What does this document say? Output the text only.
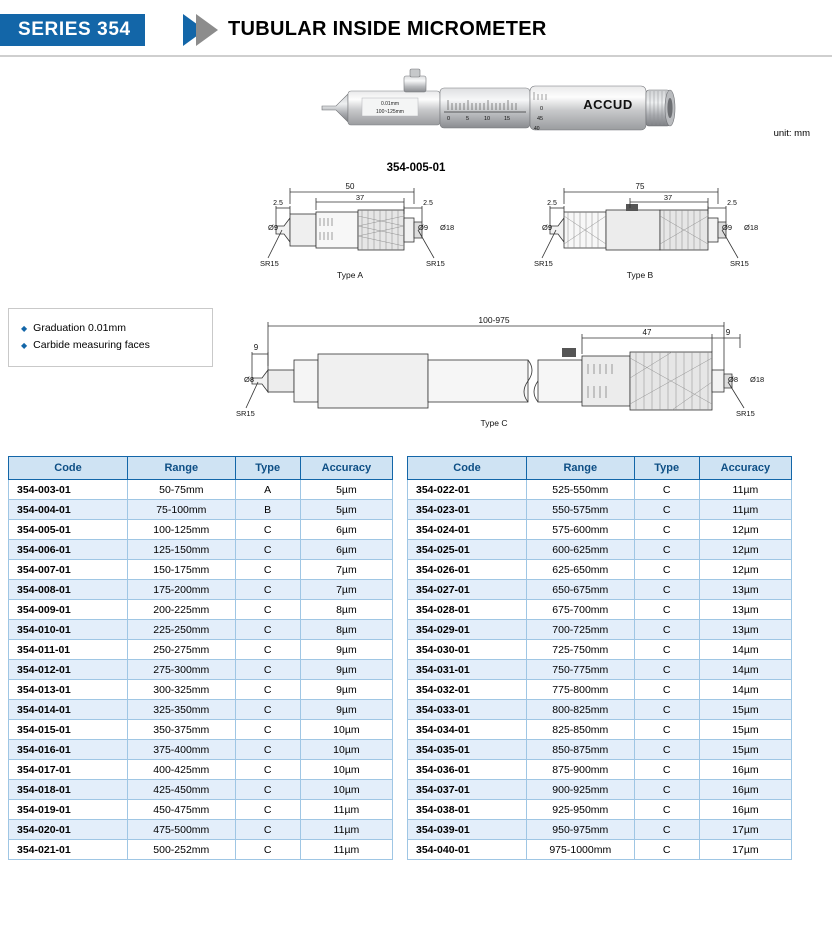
SERIES 354	TUBULAR INSIDE MICROMETER
0.01mm
100~125mm
0	5	10	15
0
45
40
ACCUD
354-005-01
unit: mm
50
37
2.5	2.5
Ø9	Ø9 Ø18
SR15	SR15
Type A
75
37
2.5	2.5
Ø9	Ø9 Ø18
SR15	SR15
Type B
◆ Graduation 0.01mm
◆ Carbide measuring faces
100-975
47	9
9
Ø8	Ø8 Ø18
SR15	SR15
Type C
Code	Range	Type	Accuracy
354-003-01	50-75mm	A	5µm
354-004-01	75-100mm	B	5µm
354-005-01	100-125mm	C	6µm
354-006-01	125-150mm	C	6µm
354-007-01	150-175mm	C	7µm
354-008-01	175-200mm	C	7µm
354-009-01	200-225mm	C	8µm
354-010-01	225-250mm	C	8µm
354-011-01	250-275mm	C	9µm
354-012-01	275-300mm	C	9µm
354-013-01	300-325mm	C	9µm
354-014-01	325-350mm	C	9µm
354-015-01	350-375mm	C	10µm
354-016-01	375-400mm	C	10µm
354-017-01	400-425mm	C	10µm
354-018-01	425-450mm	C	10µm
354-019-01	450-475mm	C	11µm
354-020-01	475-500mm	C	11µm
354-021-01	500-252mm	C	11µm
Code	Range	Type	Accuracy
354-022-01	525-550mm	C	11µm
354-023-01	550-575mm	C	11µm
354-024-01	575-600mm	C	12µm
354-025-01	600-625mm	C	12µm
354-026-01	625-650mm	C	12µm
354-027-01	650-675mm	C	13µm
354-028-01	675-700mm	C	13µm
354-029-01	700-725mm	C	13µm
354-030-01	725-750mm	C	14µm
354-031-01	750-775mm	C	14µm
354-032-01	775-800mm	C	14µm
354-033-01	800-825mm	C	15µm
354-034-01	825-850mm	C	15µm
354-035-01	850-875mm	C	15µm
354-036-01	875-900mm	C	16µm
354-037-01	900-925mm	C	16µm
354-038-01	925-950mm	C	16µm
354-039-01	950-975mm	C	17µm
354-040-01	975-1000mm	C	17µm
